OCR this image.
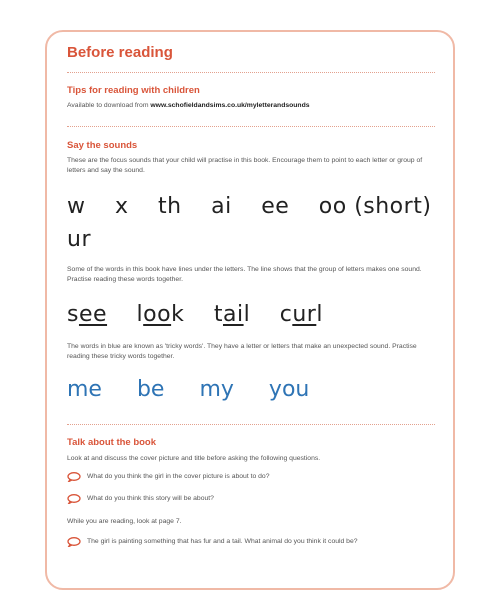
Before reading
Tips for reading with children
Available to download from www.schofieldandsims.co.uk/myletterandsounds
Say the sounds
These are the focus sounds that your child will practise in this book. Encourage them to point to each letter or group of letters and say the sound.
w x th ai ee oo (short)
ur
Some of the words in this book have lines under the letters. The line shows that the group of letters makes one sound. Practise reading these words together.
see look tail curl
The words in blue are known as 'tricky words'. They have a letter or letters that make an unexpected sound. Practise reading these tricky words together.
me be my you
Talk about the book
Look at and discuss the cover picture and title before asking the following questions.
What do you think the girl in the cover picture is about to do?
What do you think this story will be about?
While you are reading, look at page 7.
The girl is painting something that has fur and a tail. What animal do you think it could be?
